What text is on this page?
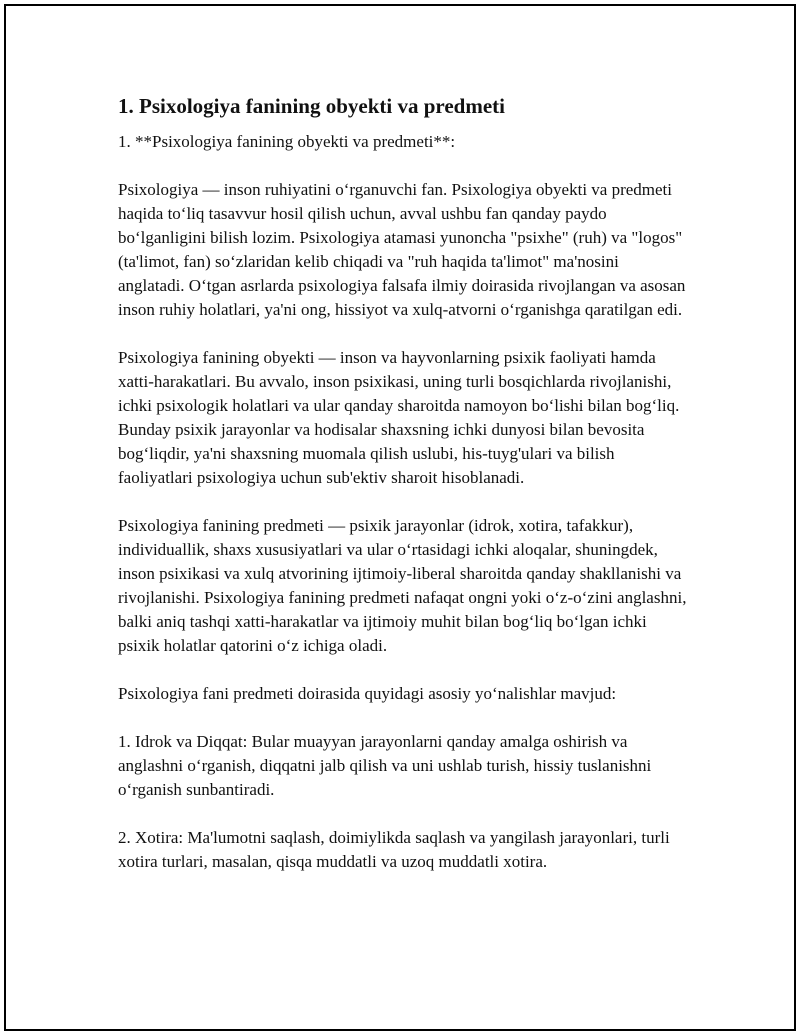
1. Psixologiya fanining obyekti va predmeti

1. **Psixologiya fanining obyekti va predmeti**:

Psixologiya — inson ruhiyatini o‘rganuvchi fan. Psixologiya obyekti va predmeti haqida to‘liq tasavvur hosil qilish uchun, avval ushbu fan qanday paydo bo‘lganligini bilish lozim. Psixologiya atamasi yunoncha "psixhe" (ruh) va "logos" (ta'limot, fan) so‘zlaridan kelib chiqadi va "ruh haqida ta'limot" ma'nosini anglatadi. O‘tgan asrlarda psixologiya falsafa ilmiy doirasida rivojlangan va asosan inson ruhiy holatlari, ya'ni ong, hissiyot va xulq-atvorni o‘rganishga qaratilgan edi.

Psixologiya fanining obyekti — inson va hayvonlarning psixik faoliyati hamda xatti-harakatlari. Bu avvalo, inson psixikasi, uning turli bosqichlarda rivojlanishi, ichki psixologik holatlari va ular qanday sharoitda namoyon bo‘lishi bilan bog‘liq. Bunday psixik jarayonlar va hodisalar shaxsning ichki dunyosi bilan bevosita bog‘liqdir, ya'ni shaxsning muomala qilish uslubi, his-tuyg'ulari va bilish faoliyatlari psixologiya uchun sub'ektiv sharoit hisoblanadi.

Psixologiya fanining predmeti — psixik jarayonlar (idrok, xotira, tafakkur), individuallik, shaxs xususiyatlari va ular o‘rtasidagi ichki aloqalar, shuningdek, inson psixikasi va xulq atvorining ijtimoiy-liberal sharoitda qanday shakllanishi va rivojlanishi. Psixologiya fanining predmeti nafaqat ongni yoki o‘z-o‘zini anglashni, balki aniq tashqi xatti-harakatlar va ijtimoiy muhit bilan bog‘liq bo‘lgan ichki psixik holatlar qatorini o‘z ichiga oladi.

Psixologiya fani predmeti doirasida quyidagi asosiy yo‘nalishlar mavjud:

1. Idrok va Diqqat: Bular muayyan jarayonlarni qanday amalga oshirish va anglashni o‘rganish, diqqatni jalb qilish va uni ushlab turish, hissiy tuslanishni o‘rganish sunbantiradi.

2. Xotira: Ma'lumotni saqlash, doimiylikda saqlash va yangilash jarayonlari, turli xotira turlari, masalan, qisqa muddatli va uzoq muddatli xotira.
